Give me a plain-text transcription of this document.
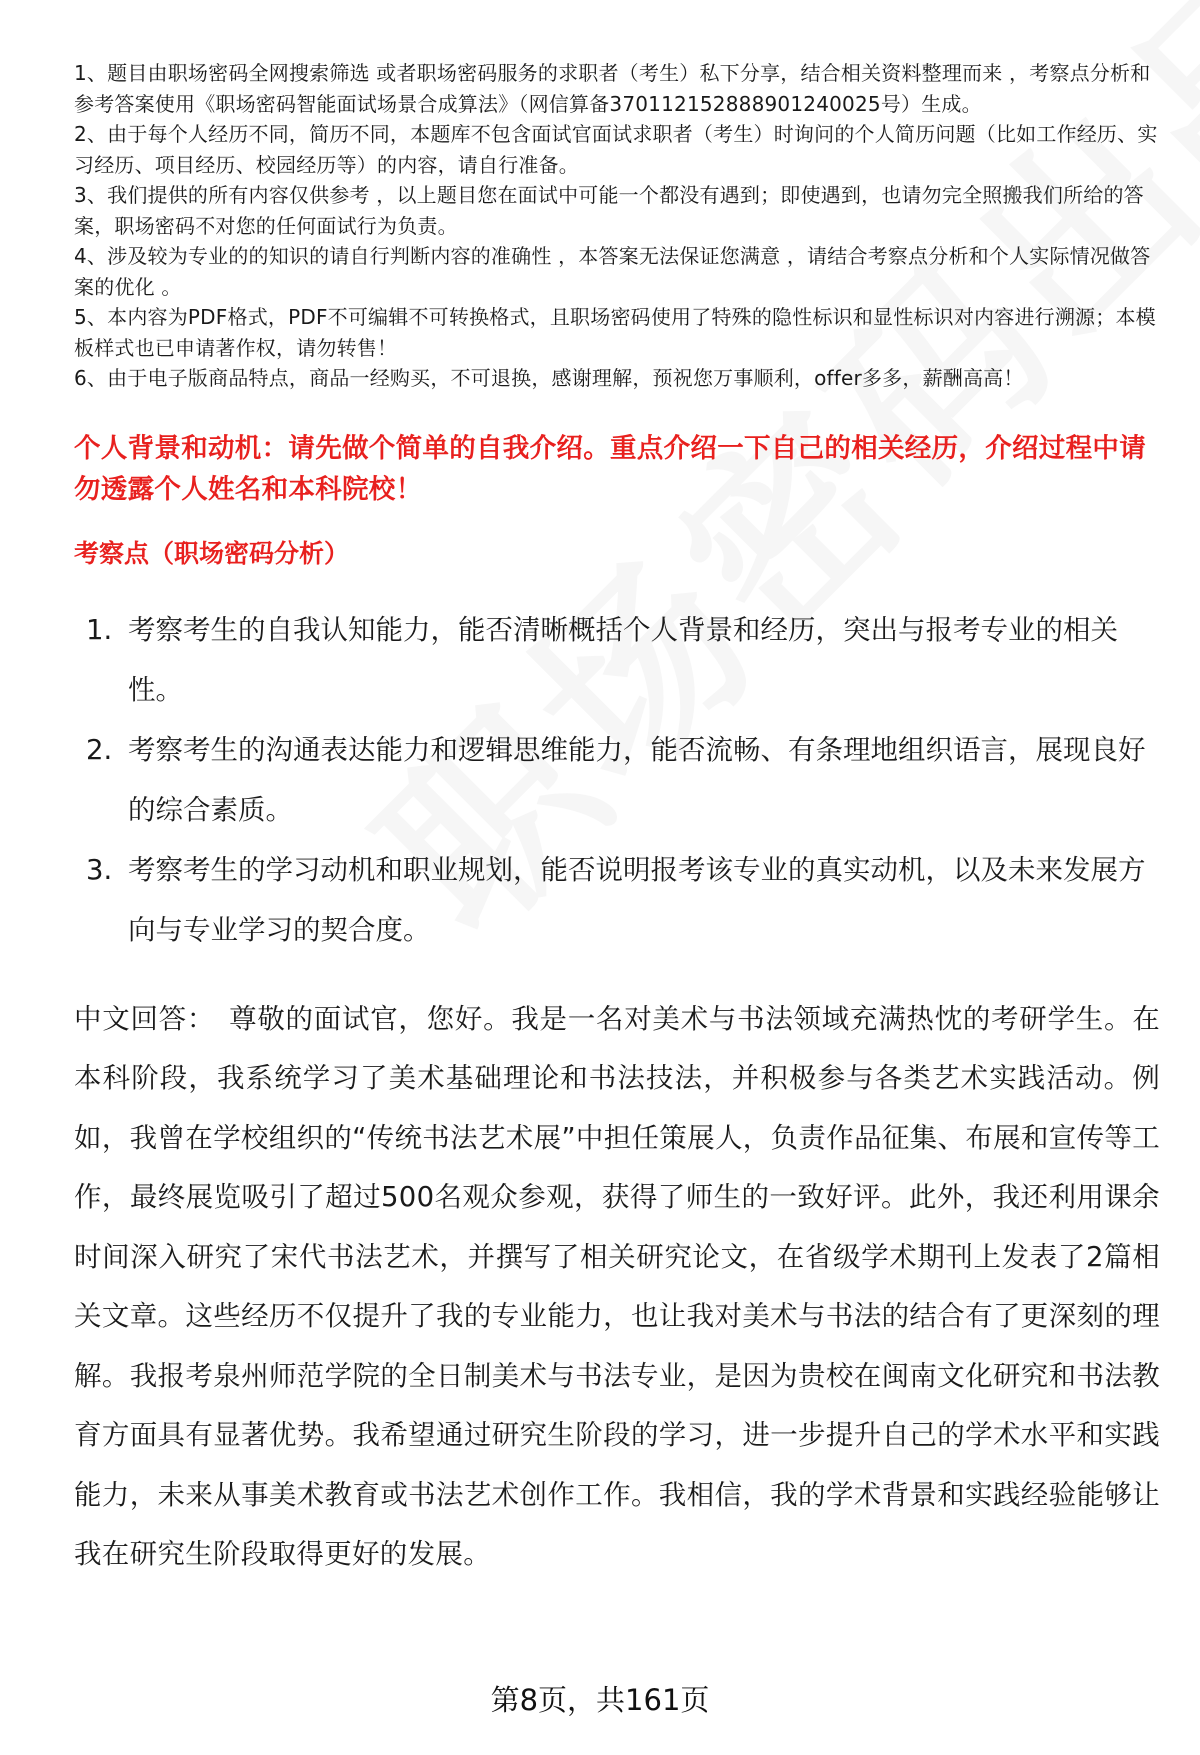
1、题目由职场密码全网搜索筛选 或者职场密码服务的求职者（考生）私下分享，结合相关资料整理而来 ，考察点分析和参考答案使用《职场密码智能面试场景合成算法》（网信算备370112152888901240025号）生成。

2、由于每个人经历不同，简历不同，本题库不包含面试官面试求职者（考生）时询问的个人简历问题（比如工作经历、实习经历、项目经历、校园经历等）的内容，请自行准备。

3、我们提供的所有内容仅供参考 ，以上题目您在面试中可能一个都没有遇到；即使遇到，也请勿完全照搬我们所给的答案，职场密码不对您的任何面试行为负责。

4、涉及较为专业的的知识的请自行判断内容的准确性 ，本答案无法保证您满意 ，请结合考察点分析和个人实际情况做答案的优化 。

5、本内容为PDF格式，PDF不可编辑不可转换格式，且职场密码使用了特殊的隐性标识和显性标识对内容进行溯源；本模板样式也已申请著作权，请勿转售！

6、由于电子版商品特点，商品一经购买，不可退换，感谢理解，预祝您万事顺利，offer多多，薪酬高高！

个人背景和动机：请先做个简单的自我介绍。重点介绍一下自己的相关经历，介绍过程中请勿透露个人姓名和本科院校！
考察点（职场密码分析）
1. 考察考生的自我认知能力，能否清晰概括个人背景和经历，突出与报考专业的相关性。
2. 考察考生的沟通表达能力和逻辑思维能力，能否流畅、有条理地组织语言，展现良好的综合素质。
3. 考察考生的学习动机和职业规划，能否说明报考该专业的真实动机，以及未来发展方向与专业学习的契合度。
中文回答： 尊敬的面试官，您好。我是一名对美术与书法领域充满热忱的考研学生。在本科阶段，我系统学习了美术基础理论和书法技法，并积极参与各类艺术实践活动。例如，我曾在学校组织的“传统书法艺术展”中担任策展人，负责作品征集、布展和宣传等工作，最终展览吸引了超过500名观众参观，获得了师生的一致好评。此外，我还利用课余时间深入研究了宋代书法艺术，并撰写了相关研究论文，在省级学术期刊上发表了2篇相关文章。这些经历不仅提升了我的专业能力，也让我对美术与书法的结合有了更深刻的理解。我报考泉州师范学院的全日制美术与书法专业，是因为贵校在闽南文化研究和书法教育方面具有显著优势。我希望通过研究生阶段的学习，进一步提升自己的学术水平和实践能力，未来从事美术教育或书法艺术创作工作。我相信，我的学术背景和实践经验能够让我在研究生阶段取得更好的发展。
第8页，共161页
